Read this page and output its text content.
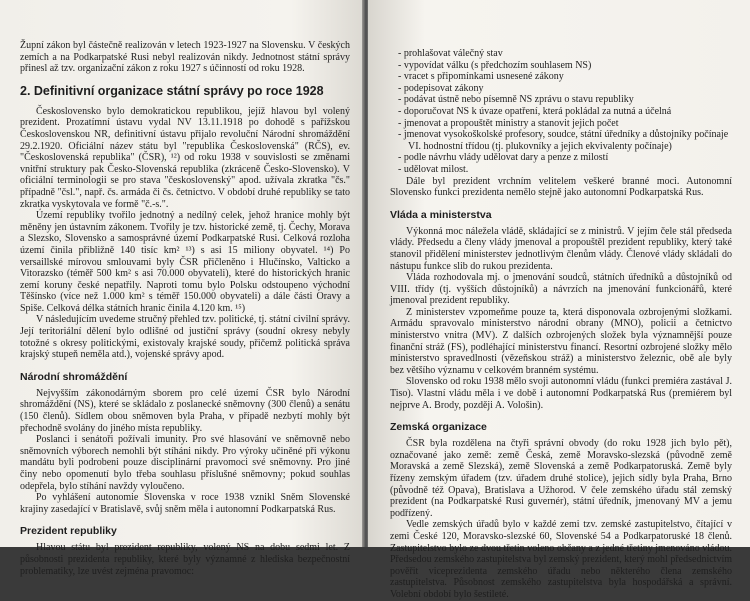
Župní zákon byl částečně realizován v letech 1923-1927 na Slovensku. V českých zemích a na Podkarpatské Rusi nebyl realizován nikdy. Jednotnost státní správy přinesl až tzv. organizační zákon z roku 1927 s účinností od roku 1928.

2. Definitivní organizace státní správy po roce 1928

Československo bylo demokratickou republikou, jejíž hlavou byl volený prezident. Prozatímní ústavu vydal NV 13.11.1918 po dohodě s pařížskou Československou NR, definitivní ústavu přijalo revoluční Národní shromáždění 29.2.1920. Oficiální název státu byl "republika Československá" (RČS), ev. "Československá republika" (ČSR), ¹²) od roku 1938 v souvislosti se změnami vnitřní struktury pak Česko-Slovenská republika (zkráceně Česko-Slovensko). V oficiální terminologii se pro stava "československý" apod. užívala zkratka "čs." případně "čsl.", např. čs. armáda či čs. četnictvo. V období druhé republiky se tato zkratka vyskytovala ve formě "č.-s.".

Území republiky tvořilo jednotný a nedílný celek, jehož hranice mohly být měněny jen ústavním zákonem. Tvořily je tzv. historické země, tj. Čechy, Morava a Slezsko, Slovensko a samosprávné území Podkarpatské Rusi. Celková rozloha území činila přibližně 140 tisíc km² ¹³) s asi 15 miliony obyvatel. ¹⁴) Po versaillské mírovou smlouvami byly ČSR přičleněno i Hlučínsko, Valticko a Vitorazsko (téměř 500 km² s asi 70.000 obyvateli), které do historických hranic zemí koruny české nepatřily. Naproti tomu bylo Polsku odstoupeno východní Těšínsko (více než 1.000 km² s téměř 150.000 obyvateli) a dále části Oravy a Spiše. Celková délka státních hranic činila 4.120 km. ¹⁵)

V následujícím uvedeme stručný přehled tzv. politické, tj. státní civilní správy. Její teritoriální dělení bylo odlišné od justiční správy (soudní okresy nebyly totožné s okresy politickými, existovaly krajské soudy, přičemž politická správa krajský stupeň neměla atd.), vojenské správy apod.

Národní shromáždění

Nejvyšším zákonodárným sborem pro celé území ČSR bylo Národní shromáždění (NS), které se skládalo z poslanecké sněmovny (300 členů) a senátu (150 členů). Sídlem obou sněmoven byla Praha, v případě nezbytí mohly být přechodně svolány do jiného místa republiky.

Poslanci i senátoři požívali imunity. Pro své hlasování ve sněmovně nebo sněmovních výborech nemohli být stíháni nikdy. Pro výroky učiněné při výkonu mandátu byli podrobeni pouze disciplinární pravomoci své sněmovny. Pro jiné činy nebo opomenutí bylo třeba souhlasu příslušné sněmovny; pokud souhlas odepřela, bylo stíhání navždy vyloučeno.

Po vyhlášení autonomie Slovenska v roce 1938 vznikl Sněm Slovenské krajiny zasedající v Bratislavě, svůj sněm měla i autonomní Podkarpatská Rus.

Prezident republiky

Hlavou státu byl prezident republiky, volený NS na dobu sedmi let. Z působnosti prezidenta republiky, které byly významné z hlediska bezpečnostní problematiky, lze uvést zejména pravomoc:

- prohlašovat válečný stav
- vypovídat válku (s předchozím souhlasem NS)
- vracet s připomínkami usnesené zákony
- podepisovat zákony
- podávat ústně nebo písemně NS zprávu o stavu republiky
- doporučovat NS k úvaze opatření, která pokládal za nutná a účelná
- jmenovat a propouštět ministry a stanovit jejich počet
- jmenovat vysokoškolské profesory, soudce, státní úředníky a důstojníky počínaje VI. hodnostní třídou (tj. plukovníky a jejich ekvivalenty počínaje)
- podle návrhu vlády udělovat dary a penze z milostí
- udělovat milost.

Dále byl prezident vrchním velitelem veškeré branné moci. Autonomní Slovensko funkci prezidenta nemělo stejně jako autonomní Podkarpatská Rus.

Vláda a ministerstva

Výkonná moc náležela vládě, skládající se z ministrů. V jejím čele stál předseda vlády. Předsedu a členy vlády jmenoval a propouštěl prezident republiky, který také stanovil přidělení ministerstev jednotlivým členům vlády. Členové vlády skládali do nástupu funkce slib do rukou prezidenta.

Vláda rozhodovala mj. o jmenování soudců, státních úředníků a důstojníků od VIII. třídy (tj. vyšších důstojníků) a návrzích na jmenování funkcionářů, které jmenoval prezident republiky.

Z ministerstev vzpomeňme pouze ta, která disponovala ozbrojenými složkami. Armádu spravovalo ministerstvo národní obrany (MNO), policii a četnictvo ministerstvo vnitra (MV). Z dalších ozbrojených složek byla významnější pouze finanční stráž (FS), podléhající ministerstvu financí. Resortní ozbrojené složky mělo ministerstvo spravedlnosti (vězeňskou stráž) a ministerstvo železnic, obě ale byly bez většího významu v celkovém branném systému.

Slovensko od roku 1938 mělo svoji autonomní vládu (funkci premiéra zastával J. Tiso). Vlastní vládu měla i ve době i autonomní Podkarpatská Rus (premiérem byl nejprve A. Brody, později A. Vološin).

Zemská organizace

ČSR byla rozdělena na čtyři správní obvody (do roku 1928 jich bylo pět), označované jako země: země Česká, země Moravsko-slezská (původně země Moravská a země Slezská), země Slovenská a země Podkarpatoruská. Země byly řízeny zemským úřadem (tzv. úřadem druhé stolice), jejich sídly byla Praha, Brno (původně též Opava), Bratislava a Užhorod. V čele zemského úřadu stál zemský prezident (na Podkarpatské Rusi guvernér), státní úředník, jmenovaný MV a jemu podřízený.

Vedle zemských úřadů bylo v každé zemi tzv. zemské zastupitelstvo, čítající v zemi České 120, Moravsko-slezské 60, Slovenské 54 a Podkarpatoruské 18 členů. Zastupitelstvo bylo ze dvou třetin voleno občany a z jedné třetiny jmenováno vládou. Předsedou zemského zastupitelstva byl zemský prezident, který mohl předsednictvím pověřit viceprezidenta zemského úřadu nebo některého člena zemského zastupitelstva. Působnost zemského zastupitelstva byla hospodářská a správní. Volební období bylo šestileté.
